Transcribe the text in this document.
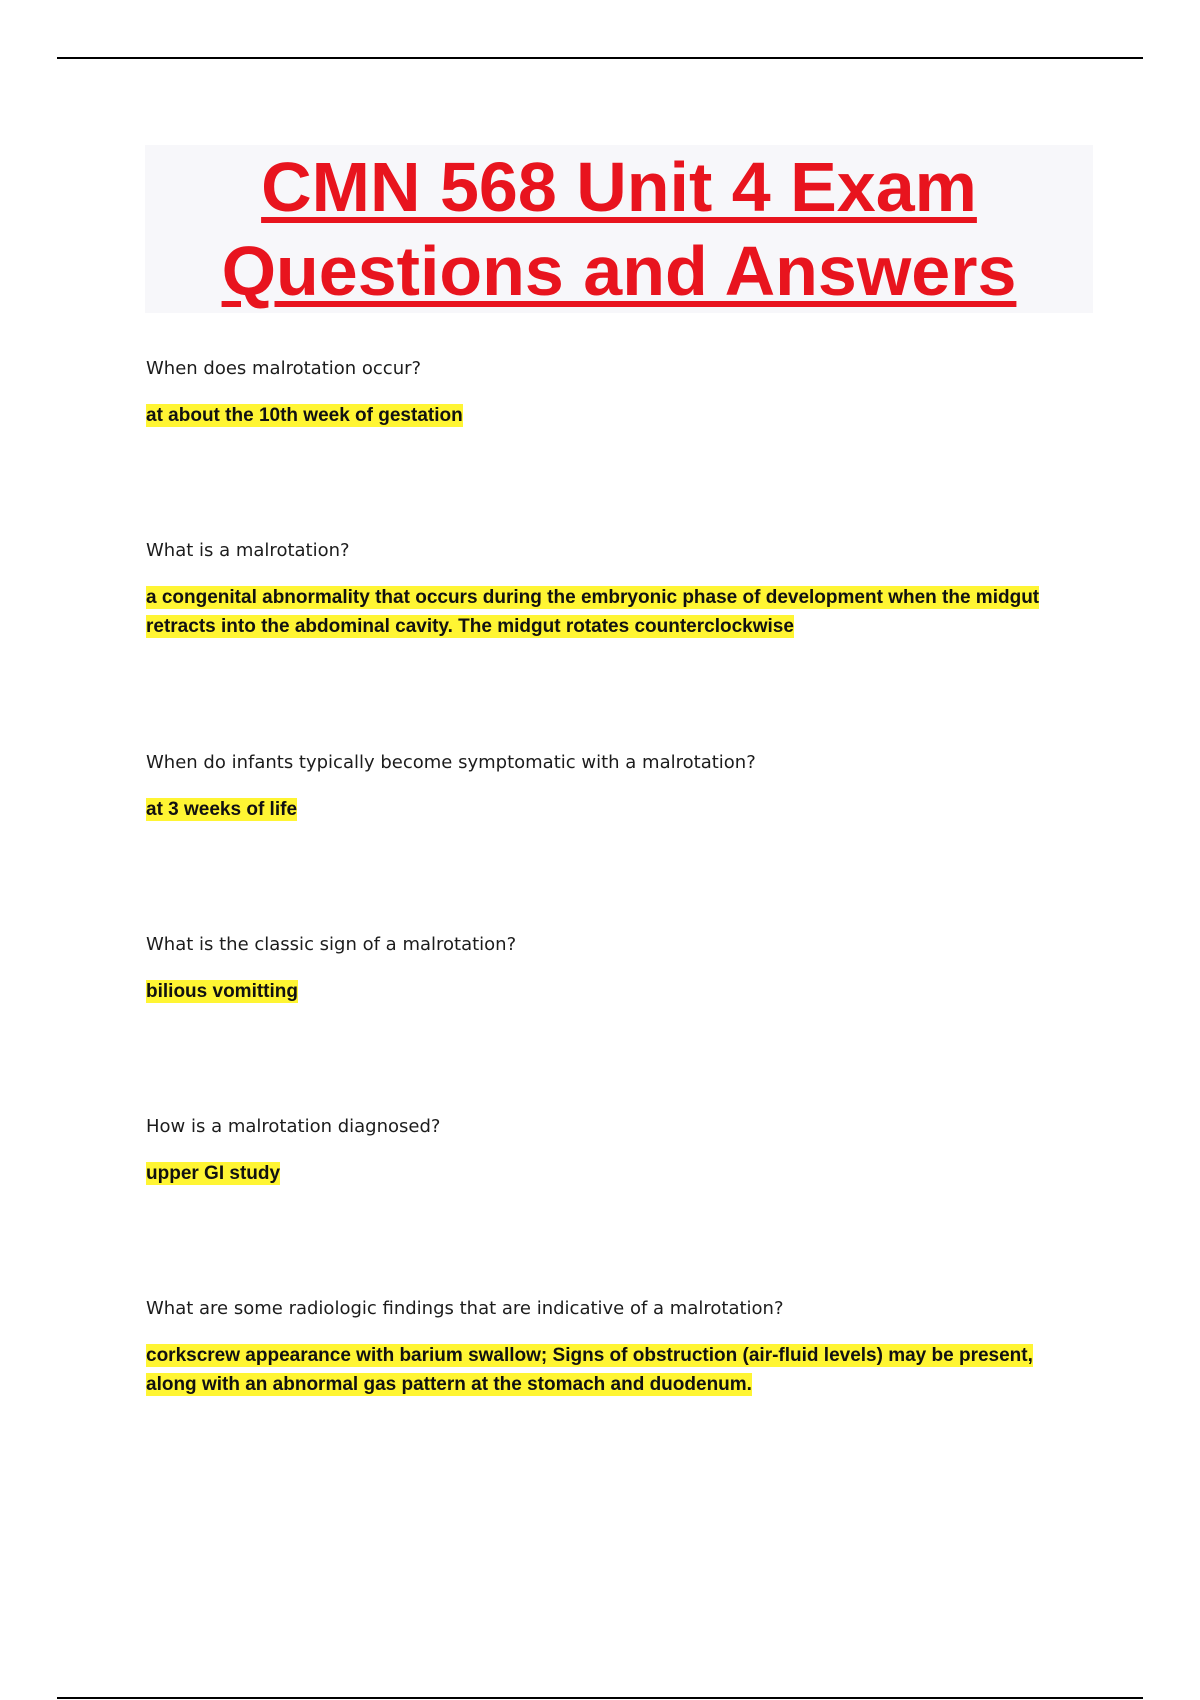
CMN 568 Unit 4 Exam
Questions and Answers

When does malrotation occur?

at about the 10th week of gestation

What is a malrotation?

a congenital abnormality that occurs during the embryonic phase of development when the midgut retracts into the abdominal cavity. The midgut rotates counterclockwise

When do infants typically become symptomatic with a malrotation?

at 3 weeks of life

What is the classic sign of a malrotation?

bilious vomitting

How is a malrotation diagnosed?

upper GI study

What are some radiologic findings that are indicative of a malrotation?

corkscrew appearance with barium swallow; Signs of obstruction (air-fluid levels) may be present, along with an abnormal gas pattern at the stomach and duodenum.
